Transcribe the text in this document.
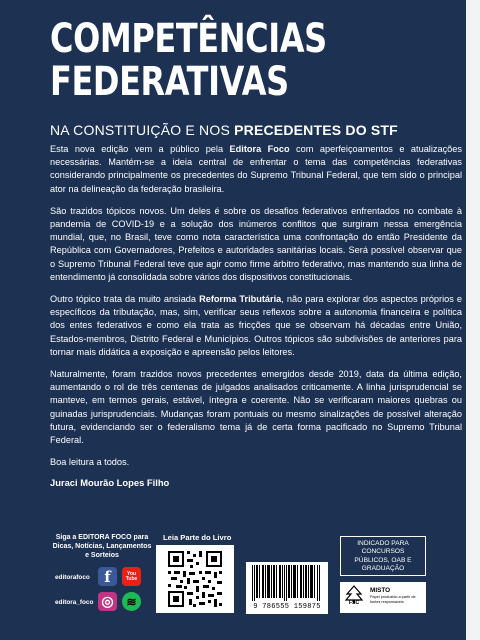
COMPETÊNCIAS
FEDERATIVAS
NA CONSTITUIÇÃO E NOS PRECEDENTES DO STF

Esta nova edição vem a público pela Editora Foco com aperfeiçoamentos e atualizações necessárias. Mantém-se a ideia central de enfrentar o tema das competências federativas considerando principalmente os precedentes do Supremo Tribunal Federal, que tem sido o principal ator na delineação da federação brasileira.

São trazidos tópicos novos. Um deles é sobre os desafios federativos enfrentados no combate à pandemia de COVID-19 e a solução dos inúmeros conflitos que surgiram nessa emergência mundial, que, no Brasil, teve como nota característica uma confrontação do então Presidente da República com Governadores, Prefeitos e autoridades sanitárias locais. Será possível observar que o Supremo Tribunal Federal teve que agir como firme árbitro federativo, mas mantendo sua linha de entendimento já consolidada sobre vários dos dispositivos constitucionais.

Outro tópico trata da muito ansiada Reforma Tributária, não para explorar dos aspectos próprios e específicos da tributação, mas, sim, verificar seus reflexos sobre a autonomia financeira e política dos entes federativos e como ela trata as fricções que se observam há décadas entre União, Estados-membros, Distrito Federal e Municípios. Outros tópicos são subdivisões de anteriores para tornar mais didática a exposição e apreensão pelos leitores.

Naturalmente, foram trazidos novos precedentes emergidos desde 2019, data da última edição, aumentando o rol de três centenas de julgados analisados criticamente. A linha jurisprudencial se manteve, em termos gerais, estável, íntegra e coerente. Não se verificaram maiores quebras ou guinadas jurisprudenciais. Mudanças foram pontuais ou mesmo sinalizações de possível alteração futura, evidenciando ser o federalismo tema já de certa forma pacificado no Supremo Tribunal Federal.

Boa leitura a todos.

Juraci Mourão Lopes Filho
Siga a EDITORA FOCO para Dicas, Notícias, Lançamentos e Sorteios
editorafoco f	You Tube
editora_foco ◎	≋
Leia Parte do Livro
9 786555 159875
INDICADO PARA
CONCURSOS
PÚBLICOS, OAB E
GRADUAÇÃO
FSC
MISTO
Papel produzido a partir de fontes responsáveis
